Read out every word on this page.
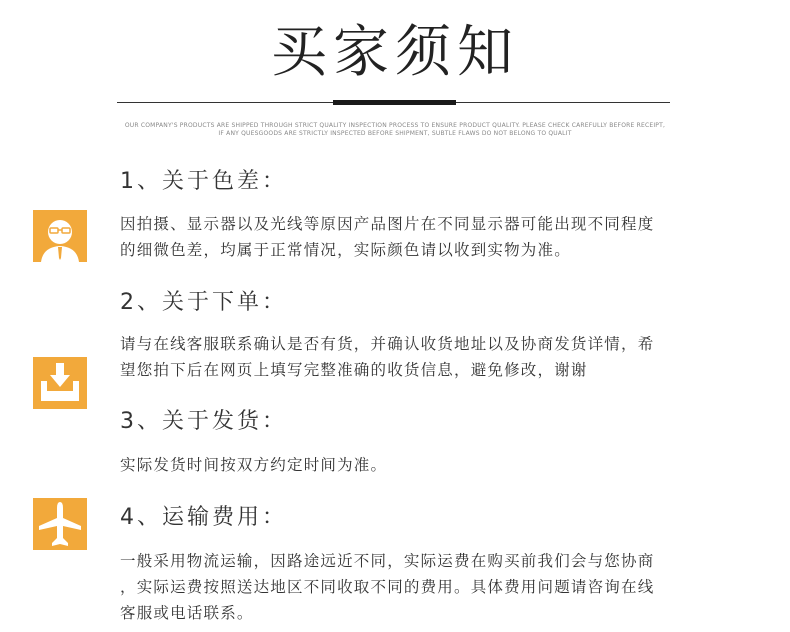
买家须知
OUR COMPANY'S PRODUCTS ARE SHIPPED THROUGH STRICT QUALITY INSPECTION PROCESS TO ENSURE PRODUCT QUALITY. PLEASE CHECK CAREFULLY BEFORE RECEIPT,
IF ANY QUESGOODS ARE STRICTLY INSPECTED BEFORE SHIPMENT, SUBTLE FLAWS DO NOT BELONG TO QUALIT
1、关于色差：
因拍摄、显示器以及光线等原因产品图片在不同显示器可能出现不同程度
的细微色差，均属于正常情况，实际颜色请以收到实物为准。
2、关于下单：
请与在线客服联系确认是否有货，并确认收货地址以及协商发货详情，希
望您拍下后在网页上填写完整准确的收货信息，避免修改，谢谢
3、关于发货：
实际发货时间按双方约定时间为准。
4、运输费用：
一般采用物流运输，因路途远近不同，实际运费在购买前我们会与您协商
，实际运费按照送达地区不同收取不同的费用。具体费用问题请咨询在线
客服或电话联系。
